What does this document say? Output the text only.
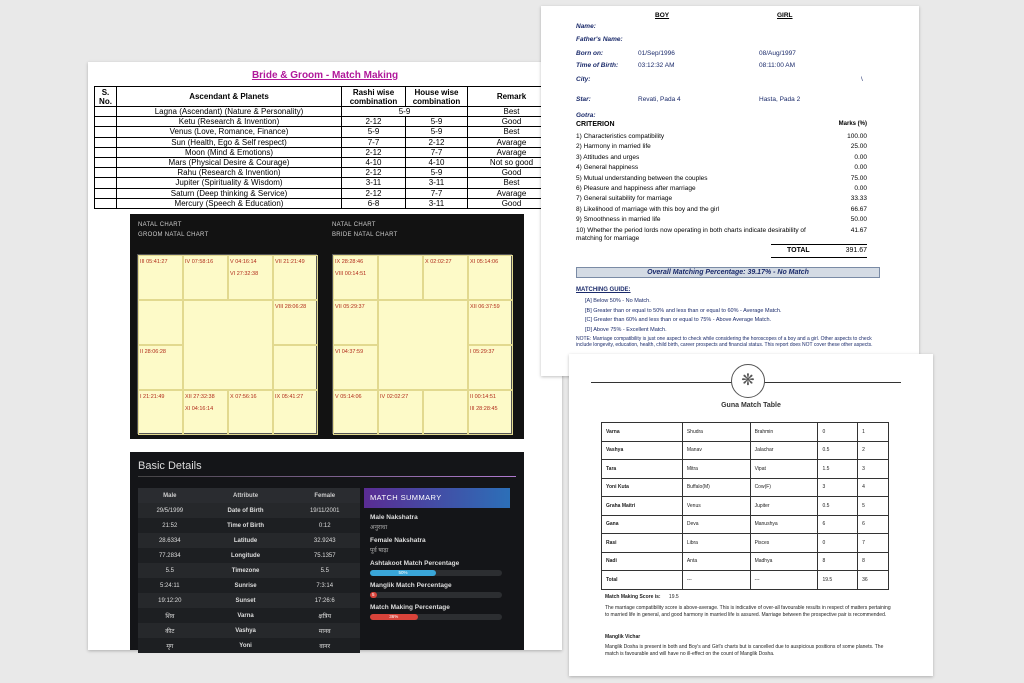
Bride & Groom - Match Making
S. No.	Ascendant & Planets	Rashi wise combination	House wise combination	Remark
	Lagna (Ascendant) (Nature & Personality)	5-9		Best
	Ketu (Research & Invention)	2-12	5-9	Good
	Venus (Love, Romance, Finance)	5-9	5-9	Best
	Sun (Health, Ego & Self respect)	7-7	2-12	Avarage
	Moon (Mind & Emotions)	2-12	7-7	Avarage
	Mars (Physical Desire & Courage)	4-10	4-10	Not so good
	Rahu (Research & Invention)	2-12	5-9	Good
	Jupiter (Spirituality & Wisdom)	3-11	3-11	Best
	Saturn (Deep thinking & Service)	2-12	7-7	Avarage
	Mercury (Speech & Education)	6-8	3-11	Good
NATAL CHART
GROOM NATAL CHART
NATAL CHART
BRIDE NATAL CHART
III 05:41:27	IV 07:58:16	V 04:16:14
VI 27:32:38
VII 21:21:49
VIII 28:06:28
II 28:06:28
I 21:21:49	XII 27:32:38
XI 04:16:14
X 07:56:16	IX 05:41:27
IX 28:28:46
VIII 00:14:51
X 02:02:27	XI 05:14:06
VII 05:29:37	XII 06:37:59
VI 04:37:59	I 05:29:37
V 05:14:06	IV 02:02:27	II 00:14:51
III 28:28:45
Basic Details
Male	Attribute	Female
29/5/1999	Date of Birth	19/11/2001
21:52	Time of Birth	0:12
28.6334	Latitude	32.9243
77.2834	Longitude	75.1357
5.5	Timezone	5.5
5:24:11	Sunrise	7:3:14
19:12:20	Sunset	17:26:6
शिव	Varna	क्षत्रिय
कीट	Vashya	मानव
मृग	Yoni	वानर
MATCH SUMMARY
Male Nakshatra
अनुराधा
Female Nakshatra
पूर्व षाढ़ा
Ashtakoot Match Percentage
50%
Manglik Match Percentage
5
Match Making Percentage
36%
BOY	GIRL
Name:
Father's Name:
Born on:	01/Sep/1996	08/Aug/1997
Time of Birth:	03:12:32 AM	08:11:00 AM
City:	\
Star:	Revati, Pada 4	Hasta, Pada 2
Gotra:
CRITERION	Marks (%)
1) Characteristics compatibility	100.00
2) Harmony in married life	25.00
3) Attitudes and urges	0.00
4) General happiness	0.00
5) Mutual understanding between the couples	75.00
6) Pleasure and happiness after marriage	0.00
7) General suitability for marriage	33.33
8) Likelihood of marriage with this boy and the girl	66.67
9) Smoothness in married life	50.00
10) Whether the period lords now operating in both charts indicate desirability of matching for marriage
41.67
TOTAL	391.67
Overall Matching Percentage: 39.17% - No Match
MATCHING GUIDE:
[A] Below 50% - No Match.
[B] Greater than or equal to 50% and less than or equal to 60% - Average Match.
[C] Greater than 60% and less than or equal to 75% - Above Average Match.
[D] Above 75% - Excellent Match.
NOTE: Marriage compatibility is just one aspect to check while considering the horoscopes of a boy and a girl. Other aspects to check include longevity, education, health, child birth, career prospects and financial status. This report does NOT cover these other aspects.
❋
Guna Match Table
Varna	Shudra	Brahmin	0	1
Vashya	Manav	Jalachar	0.5	2
Tara	Mitra	Vipat	1.5	3
Yoni Kuta	Buffalo(M)	Cow(F)	3	4
Graha Maitri	Venus	Jupiter	0.5	5
Gana	Deva	Manushya	6	6
Rasi	Libra	Pisces	0	7
Nadi	Anta	Madhya	8	8
Total	---	---	19.5	36
Match Making Score is: 19.5
The marriage compatibility score is above-average. This is indicative of over-all favourable results in respect of matters pertaining to married life in general, and good harmony in married life is assured. Marriage between the prospective pair is recommended.
Manglik Vichar
Manglik Dosha is present in both and Boy's and Girl's charts but is cancelled due to auspicious positions of some planets. The match is favourable and will have no ill-effect on the count of Manglik Dosha.
